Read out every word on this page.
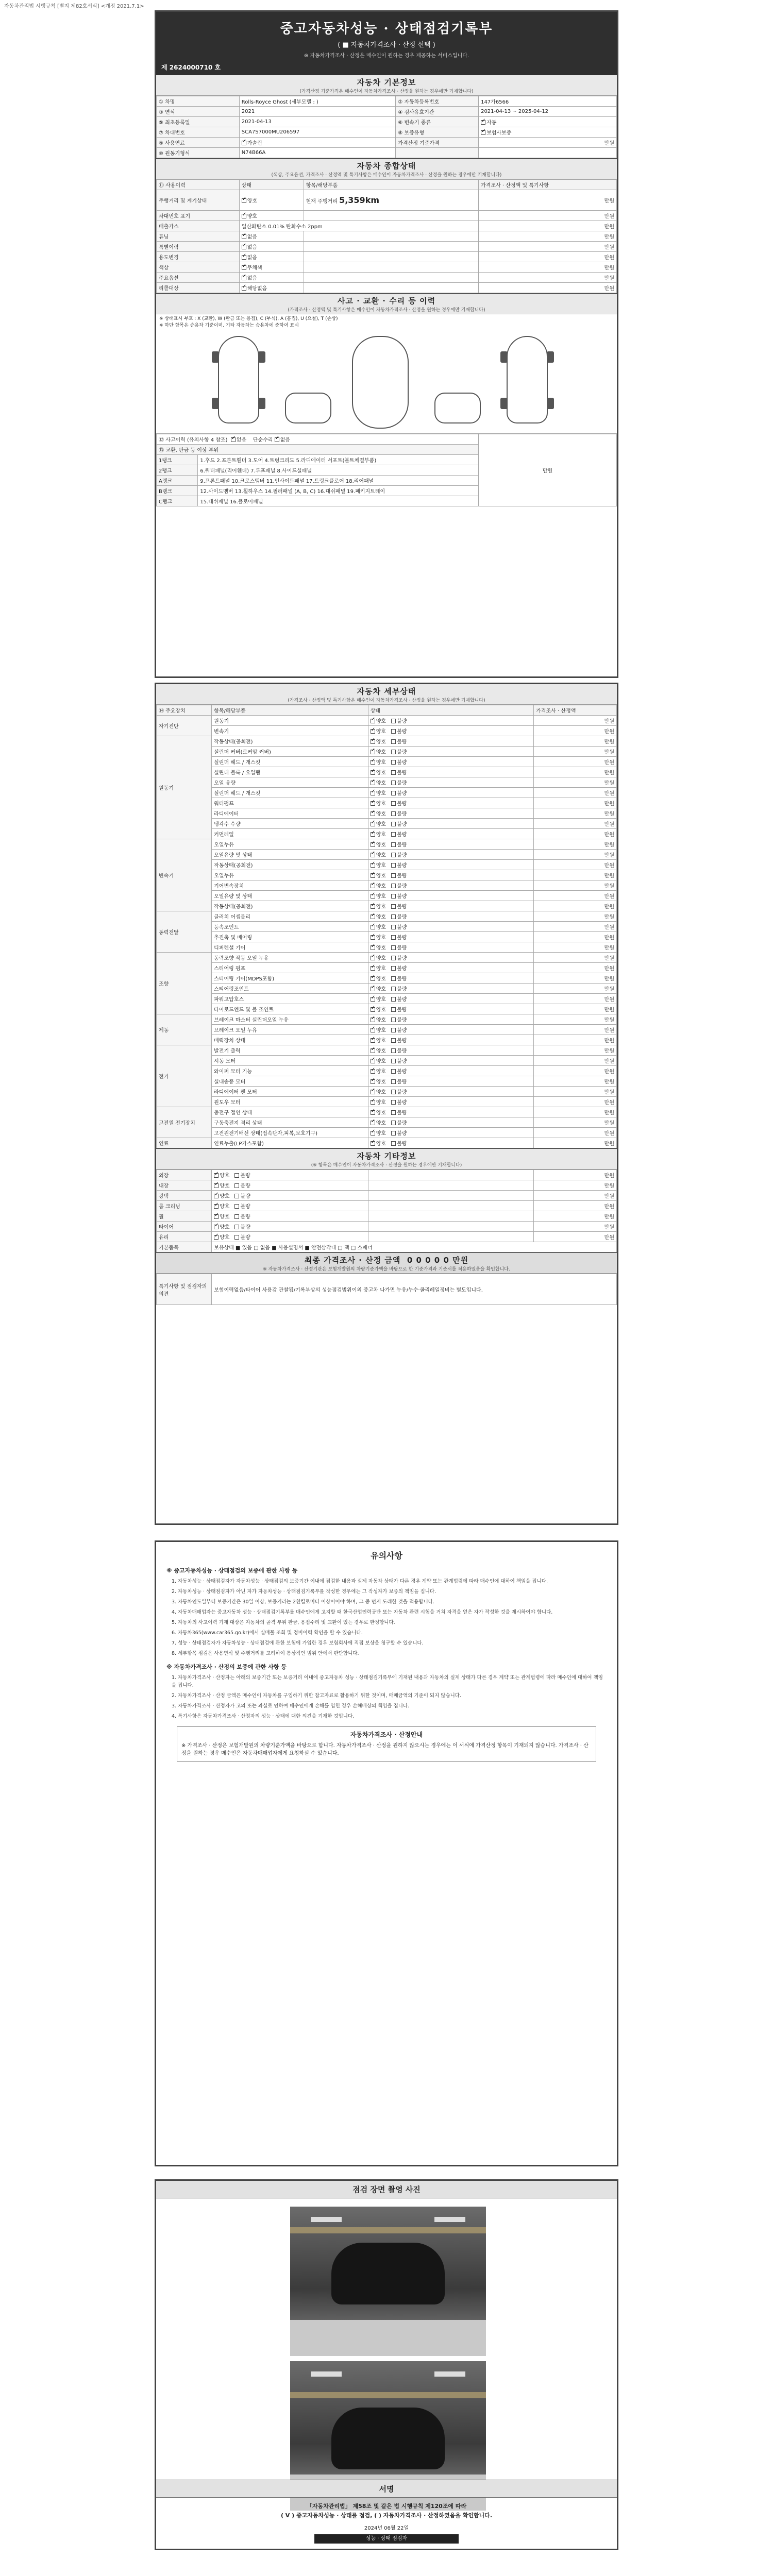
자동차관리법 시행규칙 [별지 제82호서식] <개정 2021.7.1>
중고자동차성능 · 상태점검기록부
( ■ 자동차가격조사 · 산정 선택 )
※ 자동차가격조사 · 산정은 매수인이 원하는 경우 제공하는 서비스입니다.
제 2624000710 호
자동차 기본정보
(가격산정 기준가격은 매수인이 자동차가격조사 · 산정을 원하는 경우에만 기재합니다)
① 차명	Rolls-Royce Ghost (세부모델 : )	② 자동차등록번호	147가6566
③ 연식	2021	④ 검사유효기간	2021-04-13 ~ 2025-04-12
⑤ 최초등록일	2021-04-13	⑥ 변속기 종류	✓자동
⑦ 차대번호	SCA7S7000MU206597	⑧ 보증유형	✓보험사보증
⑨ 사용연료	✓가솔린	가격산정 기준가격	만원
⑩ 원동기형식	N74B66A		
자동차 종합상태
(색상, 주요옵션, 가격조사 · 산정액 및 특기사항은 매수인이 자동차가격조사 · 산정을 원하는 경우에만 기재합니다)
⑪ 사용이력	상태	항목/해당부품	가격조사 · 산정액 및 특기사항
주행거리 및 계기상태	✓양호	현재 주행거리 5,359km	만원
차대번호 표기	✓양호		만원
배출가스	일산화탄소 0.01% 탄화수소 2ppm		만원
튜닝	✓없음		만원
특별이력	✓없음		만원
용도변경	✓없음		만원
색상	✓무채색		만원
주요옵션	✓없음		만원
리콜대상	✓해당없음		만원
사고 · 교환 · 수리 등 이력
(가격조사 · 산정액 및 특기사항은 매수인이 자동차가격조사 · 산정을 원하는 경우에만 기재합니다)
※ 상태표시 부호 : X (교환), W (판금 또는 용접), C (부식), A (흠집), U (요철), T (손상)
※ 하단 항목은 승용차 기준이며, 기타 자동차는 승용차에 준하여 표시
⑫ 사고이력 (유의사항 4 참조) ✓ 없음 단순수리 ✓ 없음		만원
⑬ 교환, 판금 등 이상 부위		
1랭크	1.후드 2.프론트휀더 3.도어 4.트렁크리드 5.라디에이터 서포트(볼트체결부품)	
2랭크	6.쿼터패널(리어휀더) 7.루프패널 8.사이드실패널	
A랭크	9.프론트패널 10.크로스멤버 11.인사이드패널 17.트렁크플로어 18.리어패널	
B랭크	12.사이드멤버 13.휠하우스 14.필러패널 (A, B, C) 16.대쉬패널 19.패키지트레이	
C랭크	15.대쉬패널 16.플로어패널	
자동차 세부상태
(가격조사 · 산정액 및 특기사항은 매수인이 자동차가격조사 · 산정을 원하는 경우에만 기재합니다)
⑭ 주요장치	항목/해당부품	상태	가격조사 · 산정액
자기진단	원동기	✓양호 불량	만원
	변속기	✓양호 불량	만원
원동기	작동상태(공회전)	✓양호 불량	만원
	실린더 커버(로커암 커버)	✓양호 불량	만원
	실린더 헤드 / 개스킷	✓양호 불량	만원
	실린더 블록 / 오일팬	✓양호 불량	만원
	오일 유량	✓양호 불량	만원
	실린더 헤드 / 개스킷	✓양호 불량	만원
	워터펌프	✓양호 불량	만원
	라디에이터	✓양호 불량	만원
	냉각수 수량	✓양호 불량	만원
	커먼레일	✓양호 불량	만원
변속기	오일누유	✓양호 불량	만원
	오일유량 및 상태	✓양호 불량	만원
	작동상태(공회전)	✓양호 불량	만원
	오일누유	✓양호 불량	만원
	기어변속장치	✓양호 불량	만원
	오일유량 및 상태	✓양호 불량	만원
	작동상태(공회전)	✓양호 불량	만원
동력전달	클러치 어셈블리	✓양호 불량	만원
	등속조인트	✓양호 불량	만원
	추진축 및 베어링	✓양호 불량	만원
	디퍼렌셜 기어	✓양호 불량	만원
조향	동력조향 작동 오일 누유	✓양호 불량	만원
	스티어링 펌프	✓양호 불량	만원
	스티어링 기어(MDPS포함)	✓양호 불량	만원
	스티어링조인트	✓양호 불량	만원
	파워고압호스	✓양호 불량	만원
	타이로드엔드 및 볼 조인트	✓양호 불량	만원
제동	브레이크 마스터 실린더오일 누유	✓양호 불량	만원
	브레이크 오일 누유	✓양호 불량	만원
	배력장치 상태	✓양호 불량	만원
전기	발전기 출력	✓양호 불량	만원
	시동 모터	✓양호 불량	만원
	와이퍼 모터 기능	✓양호 불량	만원
	실내송풍 모터	✓양호 불량	만원
	라디에이터 팬 모터	✓양호 불량	만원
	윈도우 모터	✓양호 불량	만원
고전원 전기장치	충전구 절연 상태	✓양호 불량	만원
	구동축전지 격리 상태	✓양호 불량	만원
	고전원전기배선 상태(접속단자,피복,보호기구)	✓양호 불량	만원
연료	연료누출(LP가스포함)	✓양호 불량	만원
자동차 기타정보
(※ 항목은 매수인이 자동차가격조사 · 산정을 원하는 경우에만 기재합니다)
외장	✓양호 불량		만원
내장	✓양호 불량		만원
광택	✓양호 불량		만원
룸 크리닝	✓양호 불량		만원
휠	✓양호 불량		만원
타이어	✓양호 불량		만원
유리	✓양호 불량		만원
기본품목	보유상태 ■ 있음 □ 없음 ■ 사용설명서 ■ 안전삼각대 □ 잭 □ 스패너		
최종 가격조사 · 산정 금액 0 0 0 0 0 만원
※ 자동차가격조사 · 산정기관은 보험개발원의 차량기준가액을 바탕으로 한 기준가격과 기준서를 적용하였음을 확인합니다.
특기사항 및 점검자의 의견	보험이력없음/타이어 사용감 관찰됨/기록부상의 성능점검범위이외 중고차 나가면 누유/누수·쿨리레일정비는 별도입니다.
유의사항
※ 중고자동차성능 · 상태점검의 보증에 관한 사항 등
1. 자동차성능 · 상태점검자가 자동차성능 · 상태점검의 보증기간 이내에 점검한 내용과 실제 자동차 상태가 다른 경우 계약 또는 관계법령에 따라 매수인에 대하여 책임을 집니다.
2. 자동차성능 · 상태점검자가 아닌 자가 자동차성능 · 상태점검기록부를 작성한 경우에는 그 작성자가 보증의 책임을 집니다.
3. 자동차인도일부터 보증기간은 30일 이상, 보증거리는 2천킬로미터 이상이어야 하며, 그 중 먼저 도래한 것을 적용합니다.
4. 자동차매매업자는 중고자동차 성능 · 상태점검기록부를 매수인에게 고지할 때 한국산업인력공단 또는 자동차 관련 시험을 거쳐 자격을 얻은 자가 작성한 것을 제시하여야 합니다.
5. 자동차의 사고이력 기재 대상은 자동차의 골격 부위 판금, 용접수리 및 교환이 있는 경우로 한정합니다.
6. 자동차365(www.car365.go.kr)에서 실매물 조회 및 정비이력 확인을 할 수 있습니다.
7. 성능 · 상태점검자가 자동차성능 · 상태점검에 관한 보험에 가입한 경우 보험회사에 직접 보상을 청구할 수 있습니다.
8. 세부항목 점검은 사용연식 및 주행거리를 고려하여 통상적인 범위 안에서 판단합니다.
※ 자동차가격조사 · 산정의 보증에 관한 사항 등
1. 자동차가격조사 · 산정자는 아래의 보증기간 또는 보증거리 이내에 중고자동차 성능 · 상태점검기록부에 기재된 내용과 자동차의 실제 상태가 다른 경우 계약 또는 관계법령에 따라 매수인에 대하여 책임을 집니다.
2. 자동차가격조사 · 산정 금액은 매수인이 자동차를 구입하기 위한 참고자료로 활용하기 위한 것이며, 매매금액의 기준이 되지 않습니다.
3. 자동차가격조사 · 산정자가 고의 또는 과실로 인하여 매수인에게 손해를 입힌 경우 손해배상의 책임을 집니다.
4. 특기사항은 자동차가격조사 · 산정자의 성능 · 상태에 대한 의견을 기재한 것입니다.
자동차가격조사 · 산정안내
※ 가격조사 · 산정은 보험개발원의 차량기준가액을 바탕으로 합니다. 자동차가격조사 · 산정을 원하지 않으시는 경우에는 이 서식에 가격산정 항목이 기재되지 않습니다. 가격조사 · 산정을 원하는 경우 매수인은 자동차매매업자에게 요청하실 수 있습니다.
점검 장면 촬영 사진
서명
「자동차관리법」 제58조 및 같은 법 시행규칙 제120조에 따라
( V ) 중고자동차성능 · 상태를 점검, ( ) 자동차가격조사 · 산정하였음을 확인합니다.
2024년 06월 22일
성능 · 상태 점검자
